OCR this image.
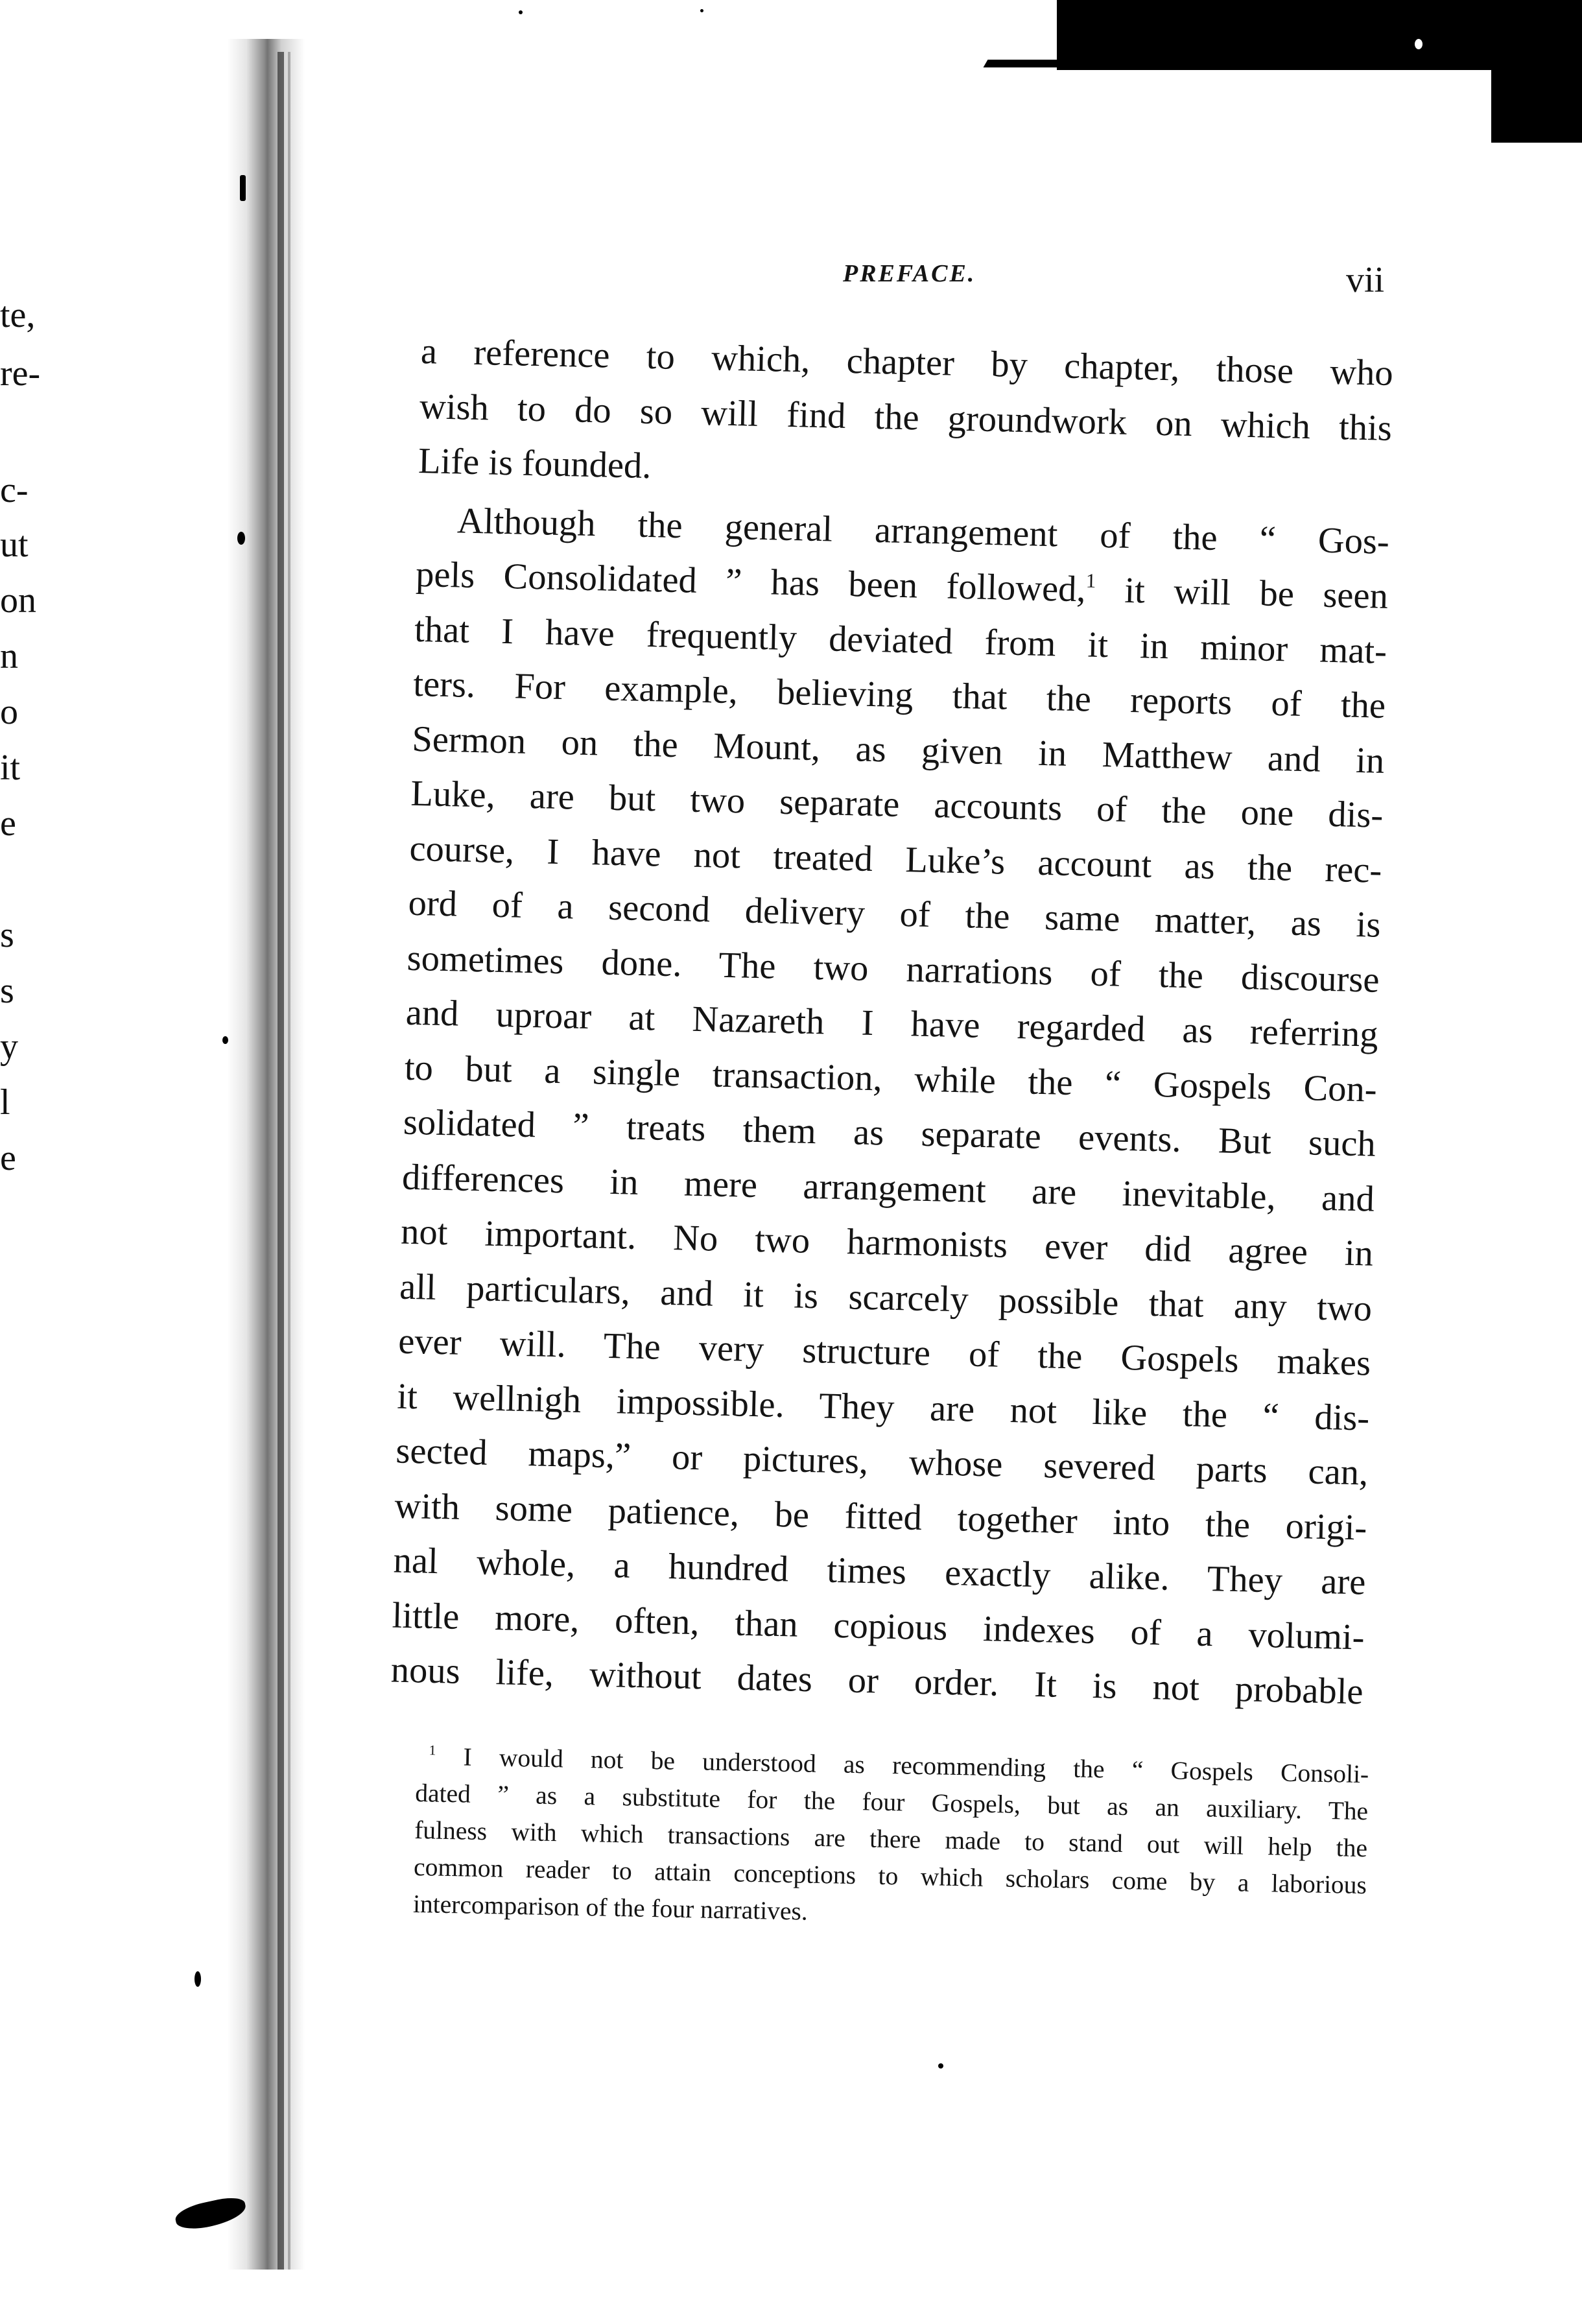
te,
re-
c-
ut
on
n
o
it
e
s
s
y
l
e
PREFACE.	vii
a reference to which, chapter by chapter, those who
wish to do so will find the groundwork on which this
Life is founded.
Although the general arrangement of the “ Gos-
pels Consolidated ” has been followed,$^1$ it will be seen
that I have frequently deviated from it in minor mat-
ters. For example, believing that the reports of the
Sermon on the Mount, as given in Matthew and in
Luke, are but two separate accounts of the one dis-
course, I have not treated Luke’s account as the rec-
ord of a second delivery of the same matter, as is
sometimes done. The two narrations of the discourse
and uproar at Nazareth I have regarded as referring
to but a single transaction, while the “ Gospels Con-
solidated ” treats them as separate events. But such
differences in mere arrangement are inevitable, and
not important. No two harmonists ever did agree in
all particulars, and it is scarcely possible that any two
ever will. The very structure of the Gospels makes
it wellnigh impossible. They are not like the “ dis-
sected maps,” or pictures, whose severed parts can,
with some patience, be fitted together into the origi-
nal whole, a hundred times exactly alike. They are
little more, often, than copious indexes of a volumi-
nous life, without dates or order. It is not probable
$^1$ I would not be understood as recommending the “ Gospels Consoli-
dated ” as a substitute for the four Gospels, but as an auxiliary. The
fulness with which transactions are there made to stand out will help the
common reader to attain conceptions to which scholars come by a laborious
intercomparison of the four narratives.
